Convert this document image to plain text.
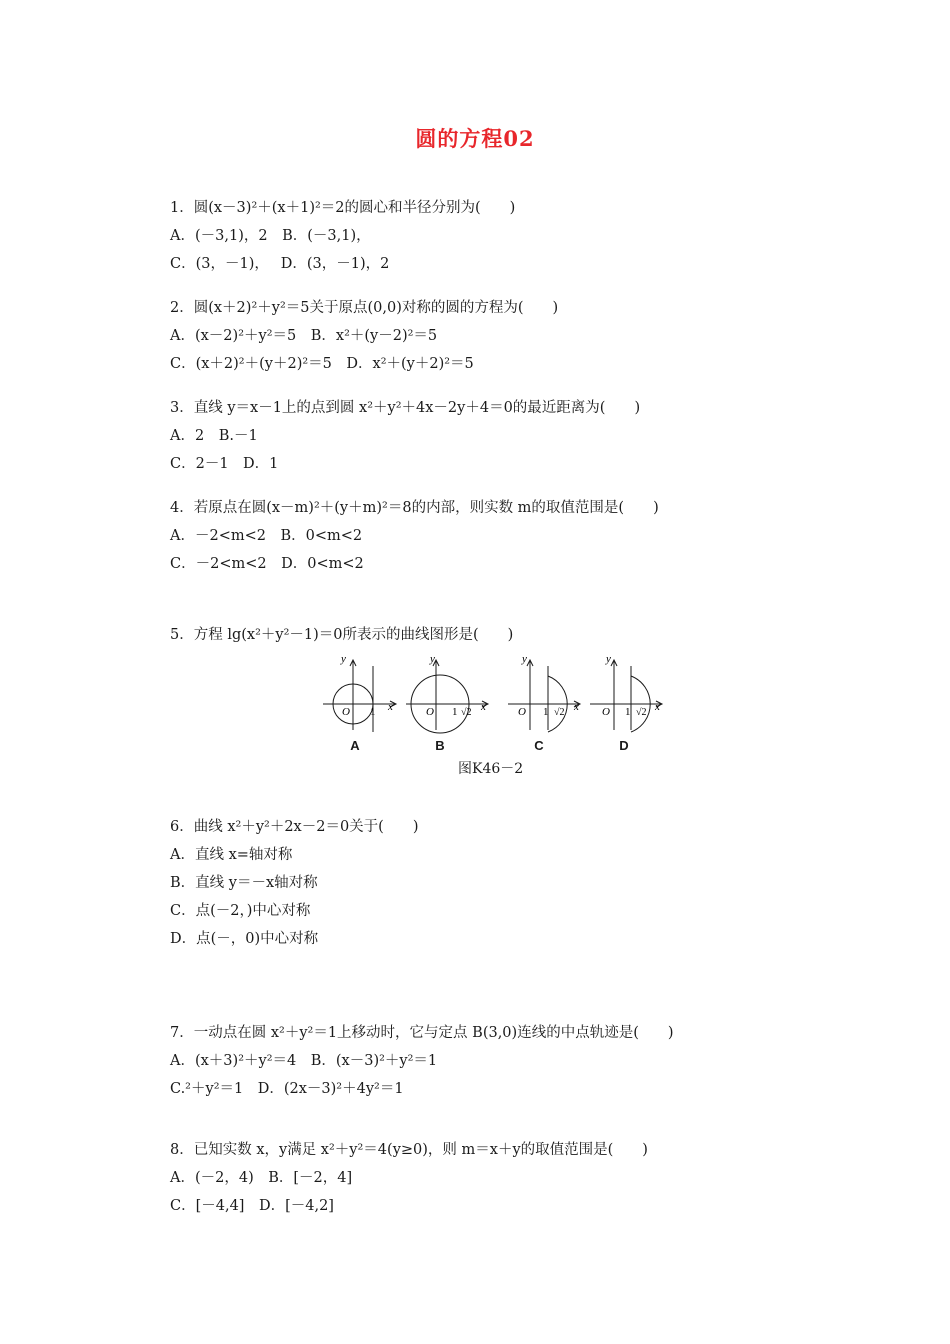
圆的方程02
1．圆(x－3)²＋(x＋1)²＝2的圆心和半径分别为(　　)
A．(－3,1)，2　B．(－3,1)，
C．(3，－1)，　 D．(3，－1)，2
2．圆(x＋2)²＋y²＝5关于原点(0,0)对称的圆的方程为(　　)
A．(x－2)²＋y²＝5　B．x²＋(y－2)²＝5
C．(x＋2)²＋(y＋2)²＝5　D．x²＋(y＋2)²＝5
3．直线 y＝x－1上的点到圆 x²＋y²＋4x－2y＋4＝0的最近距离为(　　)
A．2　B.－1
C．2－1　D．1
4．若原点在圆(x－m)²＋(y＋m)²＝8的内部，则实数 m的取值范围是(　　)
A．－2<m<2　B．0<m<2
C．－2<m<2　D．0<m<2
5．方程 lg(x²＋y²－1)＝0所表示的曲线图形是(　　)
y
O 1 x
y
O 1 √2 x
y
O 1 √2 x
y
O 1 √2 x
A	B	C	D
图K46－2
6．曲线 x²＋y²＋2x－2＝0关于(　　)
A．直线 x=轴对称
B．直线 y＝－x轴对称
C．点(－2，)中心对称
D．点(－，0)中心对称
7．一动点在圆 x²＋y²＝1上移动时，它与定点 B(3,0)连线的中点轨迹是(　　)
A．(x＋3)²＋y²＝4　B．(x－3)²＋y²＝1
C.²＋y²＝1　D．(2x－3)²＋4y²＝1
8．已知实数 x，y满足 x²＋y²＝4(y≥0)，则 m＝x＋y的取值范围是(　　)
A．(－2，4)　B．[－2，4]
C．[－4,4]　D．[－4,2]
